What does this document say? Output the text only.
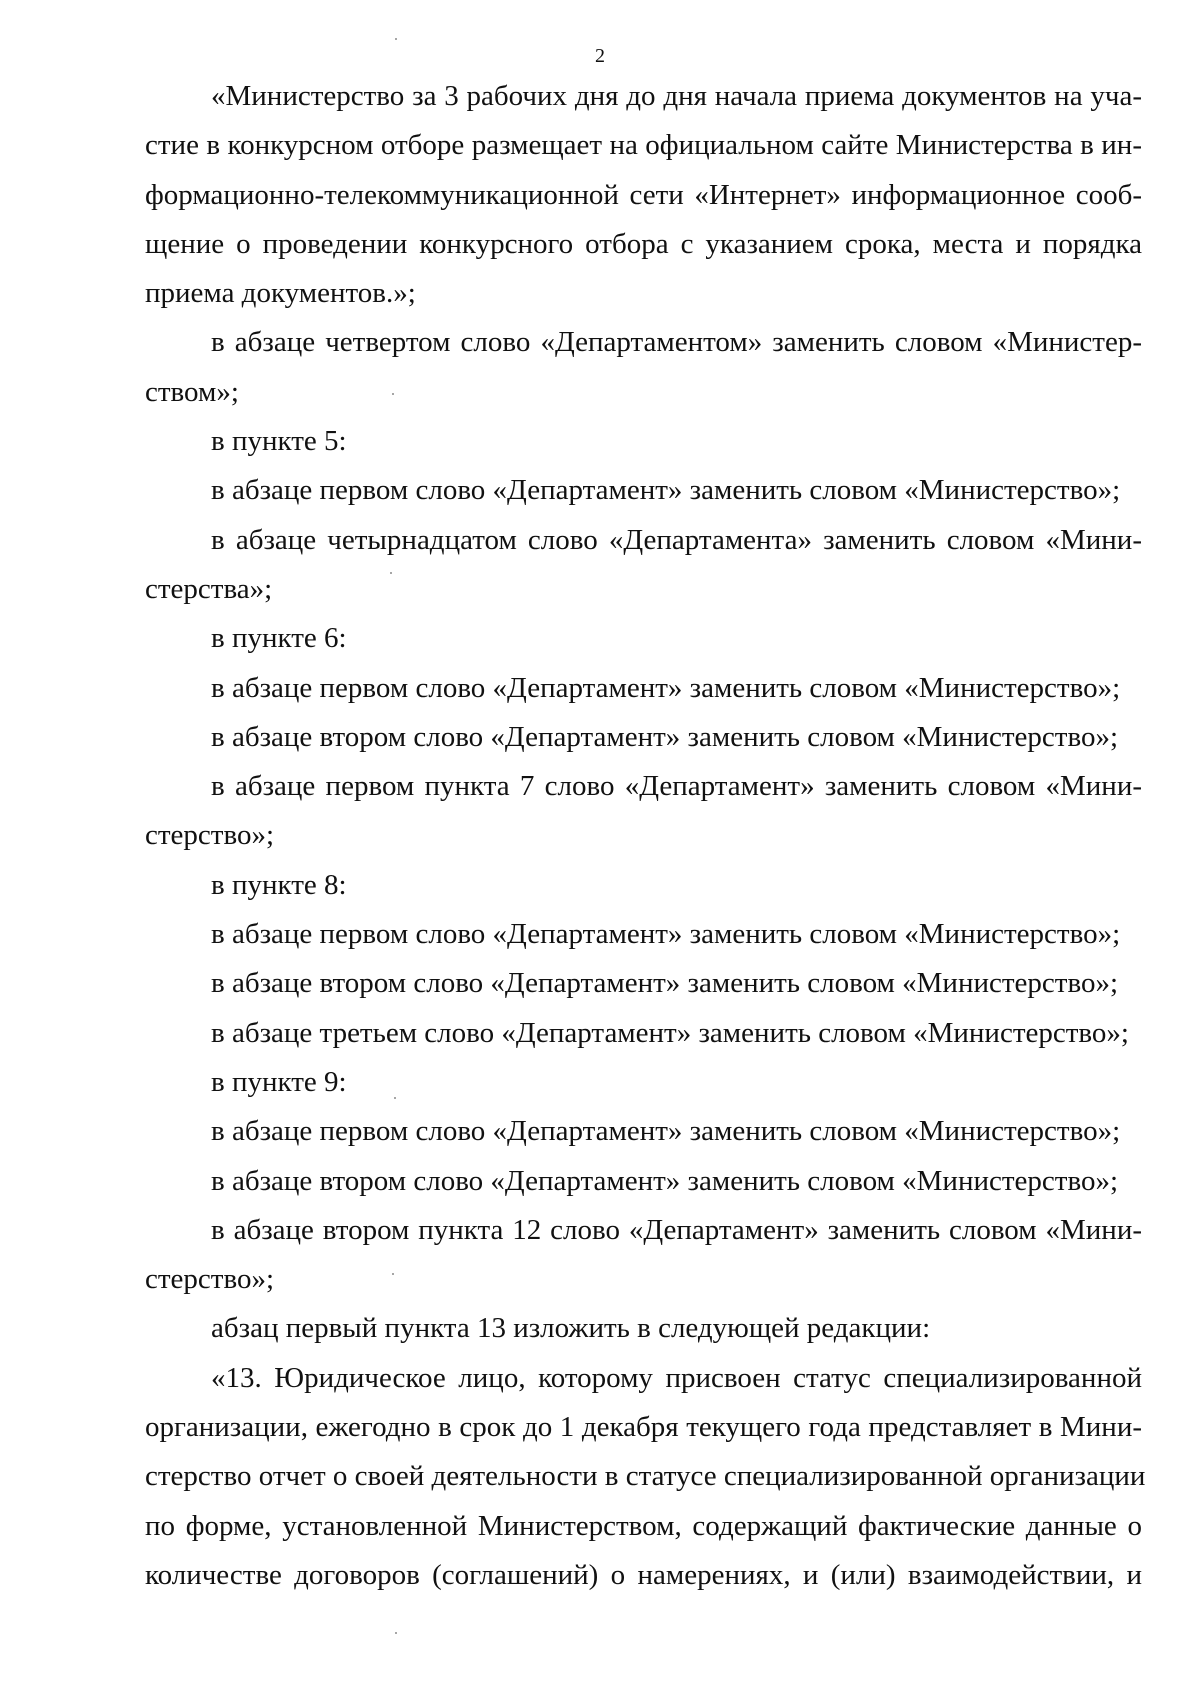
2
«Министерство за 3 рабочих дня до дня начала приема документов на уча-
стие в конкурсном отборе размещает на официальном сайте Министерства в ин-
формационно-телекоммуникационной сети «Интернет» информационное сооб-
щение о проведении конкурсного отбора с указанием срока, места и порядка
приема документов.»;
в абзаце четвертом слово «Департаментом» заменить словом «Министер-
ством»;
в пункте 5:
в абзаце первом слово «Департамент» заменить словом «Министерство»;
в абзаце четырнадцатом слово «Департамента» заменить словом «Мини-
стерства»;
в пункте 6:
в абзаце первом слово «Департамент» заменить словом «Министерство»;
в абзаце втором слово «Департамент» заменить словом «Министерство»;
в абзаце первом пункта 7 слово «Департамент» заменить словом «Мини-
стерство»;
в пункте 8:
в абзаце первом слово «Департамент» заменить словом «Министерство»;
в абзаце втором слово «Департамент» заменить словом «Министерство»;
в абзаце третьем слово «Департамент» заменить словом «Министерство»;
в пункте 9:
в абзаце первом слово «Департамент» заменить словом «Министерство»;
в абзаце втором слово «Департамент» заменить словом «Министерство»;
в абзаце втором пункта 12 слово «Департамент» заменить словом «Мини-
стерство»;
абзац первый пункта 13 изложить в следующей редакции:
«13. Юридическое лицо, которому присвоен статус специализированной
организации, ежегодно в срок до 1 декабря текущего года представляет в Мини-
стерство отчет о своей деятельности в статусе специализированной организации
по форме, установленной Министерством, содержащий фактические данные о
количестве договоров (соглашений) о намерениях, и (или) взаимодействии, и
